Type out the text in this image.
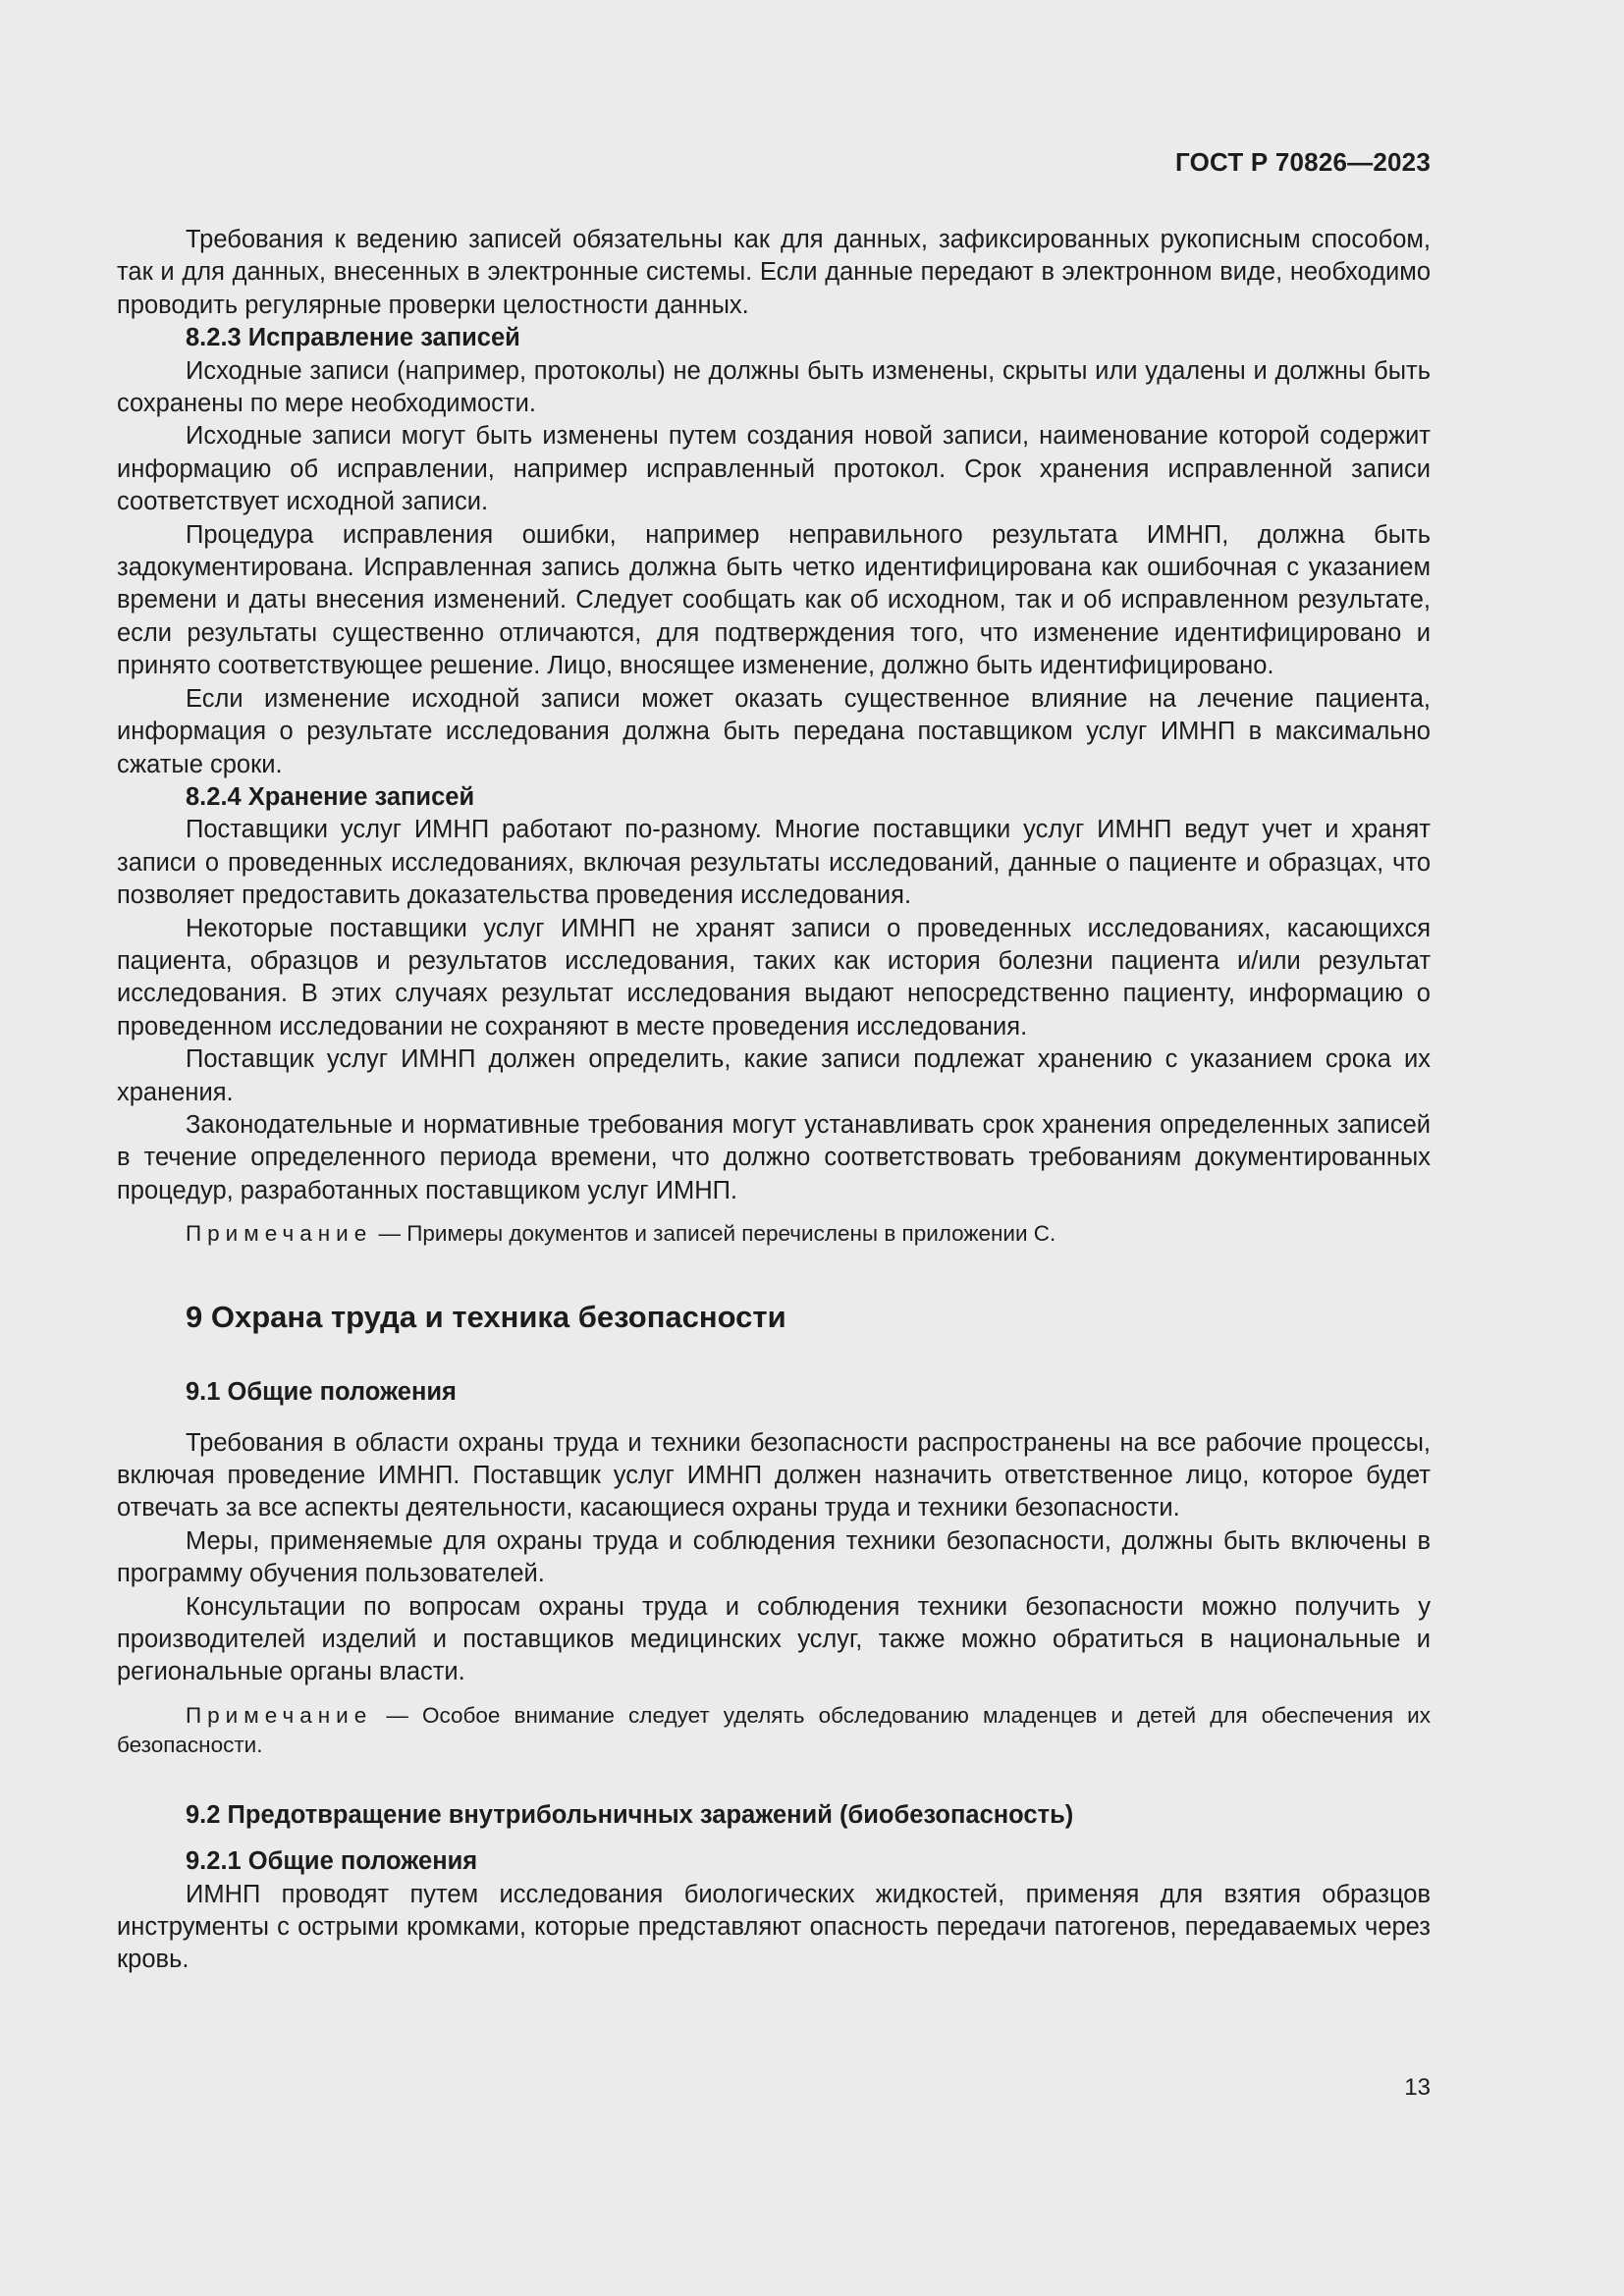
ГОСТ Р 70826—2023

Требования к ведению записей обязательны как для данных, зафиксированных рукописным способом, так и для данных, внесенных в электронные системы. Если данные передают в электронном виде, необходимо проводить регулярные проверки целостности данных.

8.2.3 Исправление записей

Исходные записи (например, протоколы) не должны быть изменены, скрыты или удалены и должны быть сохранены по мере необходимости.

Исходные записи могут быть изменены путем создания новой записи, наименование которой содержит информацию об исправлении, например исправленный протокол. Срок хранения исправленной записи соответствует исходной записи.

Процедура исправления ошибки, например неправильного результата ИМНП, должна быть задокументирована. Исправленная запись должна быть четко идентифицирована как ошибочная с указанием времени и даты внесения изменений. Следует сообщать как об исходном, так и об исправленном результате, если результаты существенно отличаются, для подтверждения того, что изменение идентифицировано и принято соответствующее решение. Лицо, вносящее изменение, должно быть идентифицировано.

Если изменение исходной записи может оказать существенное влияние на лечение пациента, информация о результате исследования должна быть передана поставщиком услуг ИМНП в максимально сжатые сроки.

8.2.4 Хранение записей

Поставщики услуг ИМНП работают по-разному. Многие поставщики услуг ИМНП ведут учет и хранят записи о проведенных исследованиях, включая результаты исследований, данные о пациенте и образцах, что позволяет предоставить доказательства проведения исследования.

Некоторые поставщики услуг ИМНП не хранят записи о проведенных исследованиях, касающихся пациента, образцов и результатов исследования, таких как история болезни пациента и/или результат исследования. В этих случаях результат исследования выдают непосредственно пациенту, информацию о проведенном исследовании не сохраняют в месте проведения исследования.

Поставщик услуг ИМНП должен определить, какие записи подлежат хранению с указанием срока их хранения.

Законодательные и нормативные требования могут устанавливать срок хранения определенных записей в течение определенного периода времени, что должно соответствовать требованиям документированных процедур, разработанных поставщиком услуг ИМНП.

Примечание — Примеры документов и записей перечислены в приложении С.

9 Охрана труда и техника безопасности

9.1 Общие положения

Требования в области охраны труда и техники безопасности распространены на все рабочие процессы, включая проведение ИМНП. Поставщик услуг ИМНП должен назначить ответственное лицо, которое будет отвечать за все аспекты деятельности, касающиеся охраны труда и техники безопасности.

Меры, применяемые для охраны труда и соблюдения техники безопасности, должны быть включены в программу обучения пользователей.

Консультации по вопросам охраны труда и соблюдения техники безопасности можно получить у производителей изделий и поставщиков медицинских услуг, также можно обратиться в национальные и региональные органы власти.

Примечание — Особое внимание следует уделять обследованию младенцев и детей для обеспечения их безопасности.

9.2 Предотвращение внутрибольничных заражений (биобезопасность)

9.2.1 Общие положения

ИМНП проводят путем исследования биологических жидкостей, применяя для взятия образцов инструменты с острыми кромками, которые представляют опасность передачи патогенов, передаваемых через кровь.

13
